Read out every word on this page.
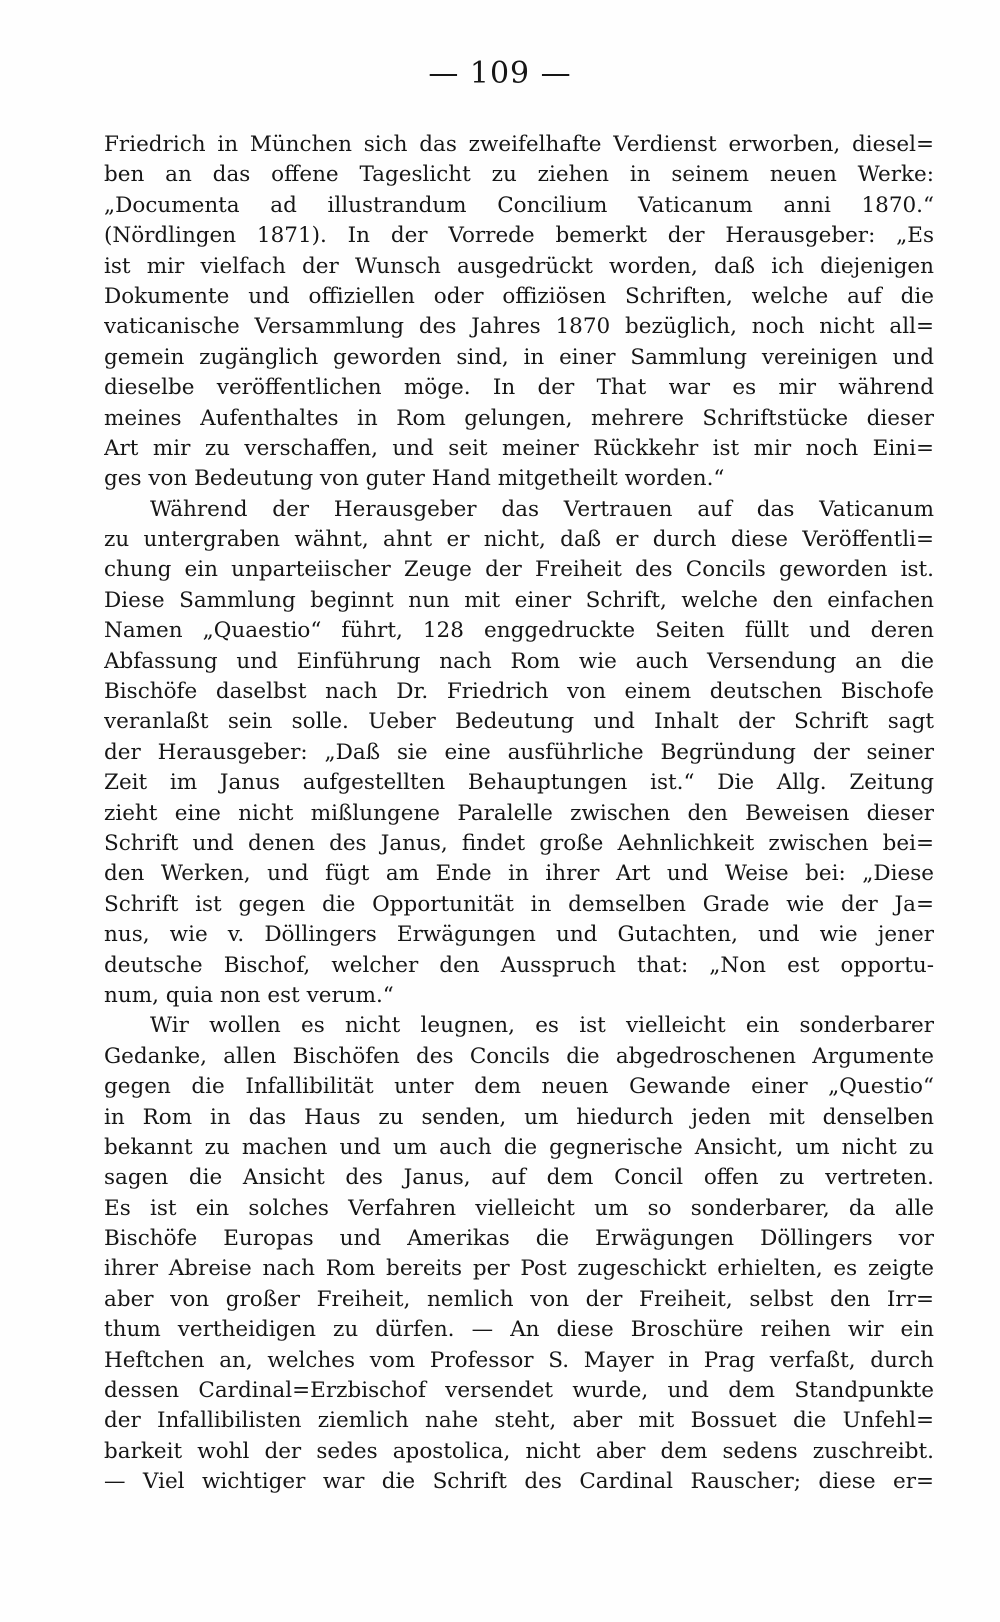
— 109 —
Friedrich in München sich das zweifelhafte Verdienst erworben, diesel=
ben an das offene Tageslicht zu ziehen in seinem neuen Werke:
„Documenta ad illustrandum Concilium Vaticanum anni 1870.“
(Nördlingen 1871). In der Vorrede bemerkt der Herausgeber: „Es
ist mir vielfach der Wunsch ausgedrückt worden, daß ich diejenigen
Dokumente und offiziellen oder offiziösen Schriften, welche auf die
vaticanische Versammlung des Jahres 1870 bezüglich, noch nicht all=
gemein zugänglich geworden sind, in einer Sammlung vereinigen und
dieselbe veröffentlichen möge. In der That war es mir während
meines Aufenthaltes in Rom gelungen, mehrere Schriftstücke dieser
Art mir zu verschaffen, und seit meiner Rückkehr ist mir noch Eini=
ges von Bedeutung von guter Hand mitgetheilt worden.“
Während der Herausgeber das Vertrauen auf das Vaticanum
zu untergraben wähnt, ahnt er nicht, daß er durch diese Veröffentli=
chung ein unparteiischer Zeuge der Freiheit des Concils geworden ist.
Diese Sammlung beginnt nun mit einer Schrift, welche den einfachen
Namen „Quaestio“ führt, 128 enggedruckte Seiten füllt und deren
Abfassung und Einführung nach Rom wie auch Versendung an die
Bischöfe daselbst nach Dr. Friedrich von einem deutschen Bischofe
veranlaßt sein solle. Ueber Bedeutung und Inhalt der Schrift sagt
der Herausgeber: „Daß sie eine ausführliche Begründung der seiner
Zeit im Janus aufgestellten Behauptungen ist.“ Die Allg. Zeitung
zieht eine nicht mißlungene Paralelle zwischen den Beweisen dieser
Schrift und denen des Janus, findet große Aehnlichkeit zwischen bei=
den Werken, und fügt am Ende in ihrer Art und Weise bei: „Diese
Schrift ist gegen die Opportunität in demselben Grade wie der Ja=
nus, wie v. Döllingers Erwägungen und Gutachten, und wie jener
deutsche Bischof, welcher den Ausspruch that: „Non est opportu-
num, quia non est verum.“
Wir wollen es nicht leugnen, es ist vielleicht ein sonderbarer
Gedanke, allen Bischöfen des Concils die abgedroschenen Argumente
gegen die Infallibilität unter dem neuen Gewande einer „Questio“
in Rom in das Haus zu senden, um hiedurch jeden mit denselben
bekannt zu machen und um auch die gegnerische Ansicht, um nicht zu
sagen die Ansicht des Janus, auf dem Concil offen zu vertreten.
Es ist ein solches Verfahren vielleicht um so sonderbarer, da alle
Bischöfe Europas und Amerikas die Erwägungen Döllingers vor
ihrer Abreise nach Rom bereits per Post zugeschickt erhielten, es zeigte
aber von großer Freiheit, nemlich von der Freiheit, selbst den Irr=
thum vertheidigen zu dürfen. — An diese Broschüre reihen wir ein
Heftchen an, welches vom Professor S. Mayer in Prag verfaßt, durch
dessen Cardinal=Erzbischof versendet wurde, und dem Standpunkte
der Infallibilisten ziemlich nahe steht, aber mit Bossuet die Unfehl=
barkeit wohl der sedes apostolica, nicht aber dem sedens zuschreibt.
— Viel wichtiger war die Schrift des Cardinal Rauscher; diese er=
